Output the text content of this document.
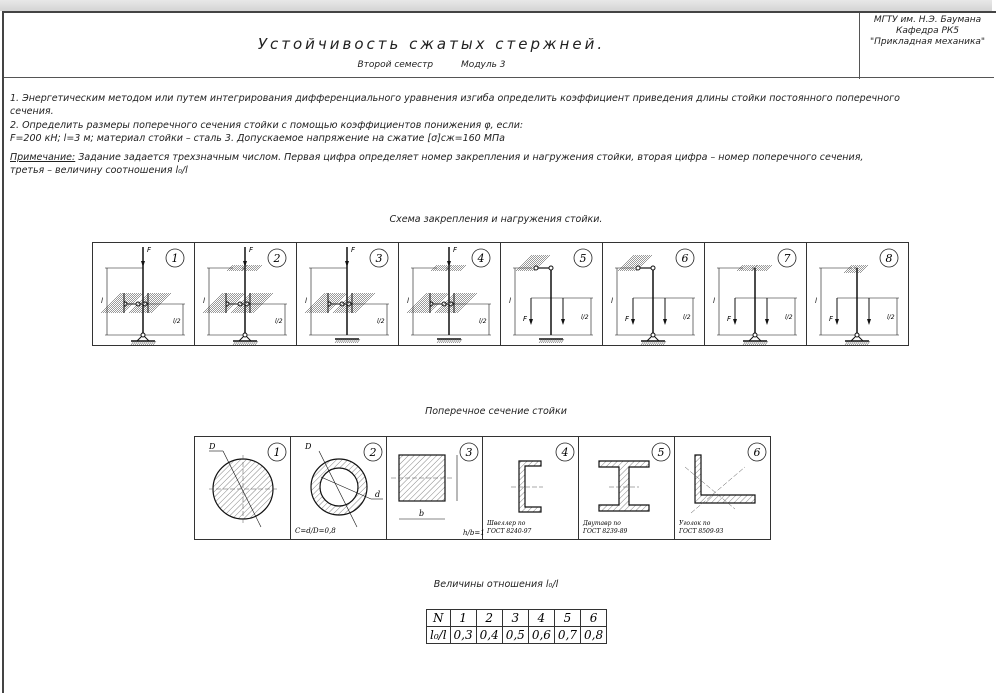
Устойчивость сжатых стержней.
Второй семестр	Модуль 3
МГТУ им. Н.Э. Баумана
Кафедра РК5
"Прикладная механика"
1. Энергетическим методом или путем интегрирования дифференциального уравнения изгиба определить коэффициент приведения длины стойки постоянного поперечного
сечения.
2. Определить размеры поперечного сечения стойки с помощью коэффициентов понижения φ, если:
F=200 кН; l=3 м; материал стойки – сталь 3. Допускаемое напряжение на сжатие [σ]сж=160 МПа
Примечание: Задание задается трехзначным числом. Первая цифра определяет номер закрепления и нагружения стойки, вторая цифра – номер поперечного сечения,
третья – величину соотношения l₀/l
Схема закрепления и нагружения стойки.
F
l
l/2
1
F
l
l/2
2
F
l
l/2
3
F
l
l/2
4
F
l
l/2
5
F
l
l/2
6
F
l
l/2
7
F
l
l/2
8
Поперечное сечение стойки
D	1	D
d
C=d/D=0,8
2
b
h/b=1
3
Швеллер по
ГОСТ 8240-97
4
Двутавр по
ГОСТ 8239-89
5
Уголок по
ГОСТ 8509-93
6
Величины отношения l₀/l
N	1	2	3	4	5	6
l₀/l	0,3	0,4	0,5	0,6	0,7	0,8
